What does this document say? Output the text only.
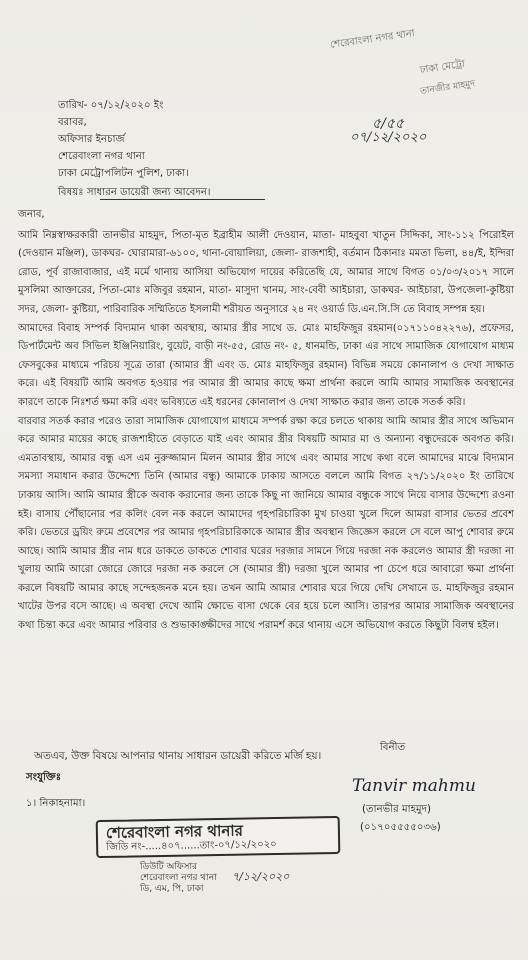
শেরেবাংলা নগর থানা
ঢাকা মেট্রো
তানজীর মাহমুদ
তারিখ- ০৭/১২/২০২০ ইং
৫/৫৫
০৭/১২/২০২০
বরাবর,
অফিসার ইনচার্জ
শেরেবাংলা নগর থানা
ঢাকা মেট্রোপলিটন পুলিশ, ঢাকা।
বিষয়ঃ সাধারন ডায়েরী জন্য আবেদন।

জনাব,

আমি নিম্নস্বাক্ষরকারী তানভীর মাহমুদ, পিতা-মৃত ইব্রাহীম আলী দেওয়ান, মাতা- মাহবুবা খাতুন সিদ্দিকা, সাং-১১২ পিরোইল (দেওয়ান মঞ্জিল), ডাকঘর- ঘোরামারা-৬১০০, থানা-বোয়ালিয়া, জেলা- রাজশাহী, বর্তমান ঠিকানাঃ মমতা ভিলা, ৪৪/ই, ইন্দিরা রোড, পূর্ব রাজাবাজার, এই মর্মে থানায় আসিয়া অভিযোগ দায়ের করিতেছি যে, আমার সাথে বিগত ০১/০৩/২০১৭ সালে মুসলিমা আক্তারের, পিতা-মোঃ মজিবুর রহমান, মাতা- মাসুদা খানম, সাং-বেবী আইচারা, ডাকঘর- আইচারা, উপজেলা-কুষ্টিয়া সদর, জেলা- কুষ্টিয়া, পারিবারিক সম্মিতিতে ইসলামী শরীয়ত অনুসারে ২৪ নং ওয়ার্ড ডি.এন.সি.সি তে বিবাহ সম্পন্ন হয়।

আমাদের বিবাহ সম্পর্ক বিদ্যমান থাকা অবস্থায়, আমার স্ত্রীর সাথে ড. মোঃ মাহফিজুর রহমান(০১৭১১০৪২২৭৬), প্রফেসর, ডিপার্টমেন্ট অব সিভিল ইঞ্জিনিয়ারিং, বুয়েট, বাড়ী নং-৫৫, রোড নং- ৫, ধানমন্ডি, ঢাকা এর সাথে সামাজিক যোগাযোগ মাধ্যম ফেসবুকের মাধ্যমে পরিচয় সূত্রে তারা (আমার স্ত্রী এবং ড. মোঃ মাহফিজুর রহমান) বিভিন্ন সময়ে কোনালাপ ও দেখা সাক্ষাত করে। এই বিষয়টি আমি অবগত হওয়ার পর আমার স্ত্রী আমার কাছে ক্ষমা প্রার্থনা করলে আমি আমার সামাজিক অবস্থানের কারণে তাকে নিঃশর্ত ক্ষমা করি এবং ভবিষ্যতে এই ধরনের কোনালাপ ও দেখা সাক্ষাত করার জন্য তাকে সতর্ক করি।

বারবার সতর্ক করার পরেও তারা সামাজিক যোগাযোগ মাধ্যমে সম্পর্ক রক্ষা করে চলতে থাকায় আমি আমার স্ত্রীর সাথে অভিমান করে আমার মায়ের কাছে রাজশাহীতে বেড়াতে যাই এবং আমার স্ত্রীর বিষয়টি আমার মা ও অন্যান্য বন্ধুদেরকে অবগত করি। এমতাবস্থায়, আমার বন্ধু এস এম নুরুজ্জামান মিলন আমার স্ত্রীর সাথে এবং আমার সাথে কথা বলে আমাদের মাঝে বিদ্যমান সমস্যা সমাধান করার উদ্দেশ্যে তিনি (আমার বন্ধু) আমাকে ঢাকায় আসতে বললে আমি বিগত ২৭/১১/২০২০ ইং তারিখে ঢাকায় আসি। আমি আমার স্ত্রীকে অবাক করানোর জন্য তাকে কিছু না জানিয়ে আমার বন্ধুকে সাথে নিয়ে বাসার উদ্দেশ্যে রওনা হই। বাসায় পৌঁছানোর পর কলিং বেল নক করলে আমাদের গৃহপরিচারিকা মুখ চাওয়া খুলে দিলে আমরা বাসার ভেতর প্রবেশ করি। ভেতরে ড্রয়িং রুমে প্রবেশের পর আমার গৃহপরিচারিকাকে আমার স্ত্রীর অবস্থান জিজ্ঞেস করলে সে বলে আপু শোবার রুমে আছে। আমি আমার স্ত্রীর নাম ধরে ডাকতে ডাকতে শোবার ঘরের দরজার সামনে গিয়ে দরজা নক করলেও আমার স্ত্রী দরজা না খুলায় আমি আরো জোরে জোরে দরজা নক করলে সে (আমার স্ত্রী) দরজা খুলে আমার পা চেপে ধরে আবারো ক্ষমা প্রার্থনা করলে বিষয়টি আমার কাছে সন্দেহজনক মনে হয়। তখন আমি আমার শোবার ঘরে গিয়ে দেখি সেখানে ড. মাহফিজুর রহমান খাটের উপর বসে আছে। এ অবস্থা দেখে আমি ক্ষোভে বাসা থেকে বের হয়ে চলে আসি। তারপর আমার সামাজিক অবস্থানের কথা চিন্তা করে এবং আমার পরিবার ও শুভাকাঙ্ক্ষীদের সাথে পরামর্শ করে থানায় এসে অভিযোগ করতে কিছুটা বিলম্ব হইল।

অতএব, উক্ত বিষয়ে আপনার থানায় সাধারন ডায়েরী করিতে মর্জি হয়।
বিনীত
Tanvir mahmu
(তানভীর মাহমুদ)
(০১৭০৫৫৫৫০৩৬)
সংযুক্তিঃ
১। নিকাহনামা।
শেরেবাংলা নগর থানার
জিডি নং-.....৪০৭......তাং-০৭/১২/২০২০
ডিউটি অফিসার
শেরেবাংলা নগর থানা
ডি, এম, পি, ঢাকা
৭/১২/২০২০
